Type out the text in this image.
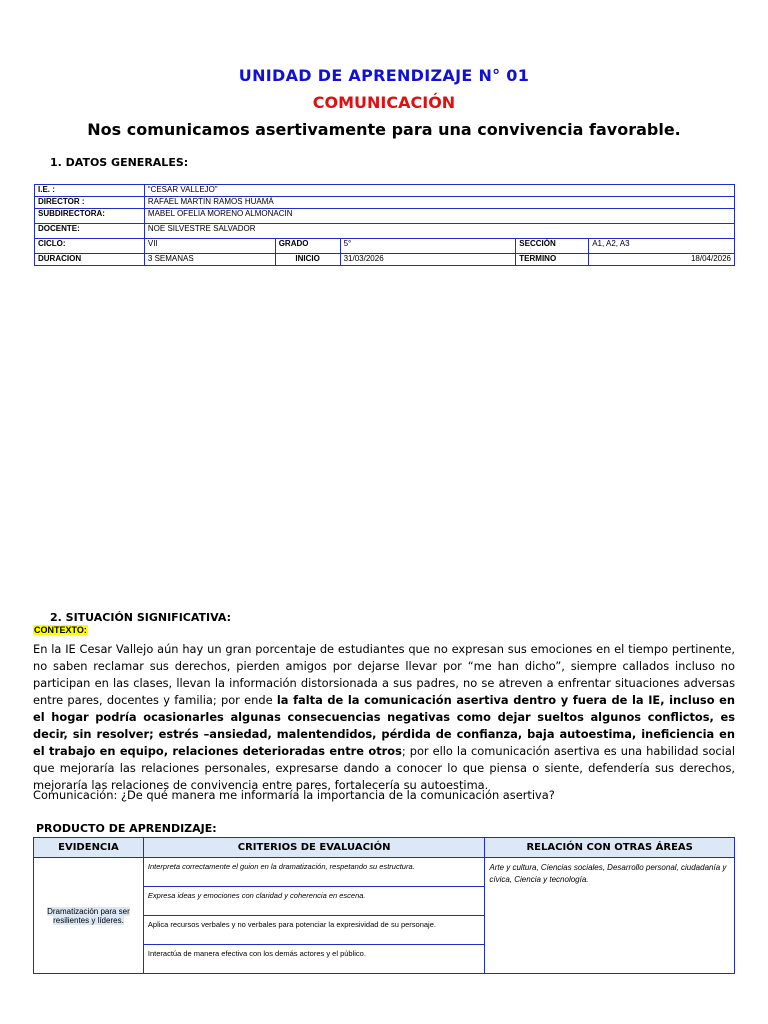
UNIDAD DE APRENDIZAJE N° 01
COMUNICACIÓN
Nos comunicamos asertivamente para una convivencia favorable.
1. DATOS GENERALES:
I.E. :	“CESAR VALLEJO”				
DIRECTOR :	RAFAEL MARTIN RAMOS HUAMÁ				
SUBDIRECTORA:	MABEL OFELIA MORENO ALMONACIN				
DOCENTE:	NOE SILVESTRE SALVADOR				
CICLO:	VII	GRADO	5°	SECCIÓN	A1, A2, A3
DURACION	3 SEMANAS	INICIO	31/03/2026	TERMINO	18/04/2026
2. SITUACIÓN SIGNIFICATIVA:
CONTEXTO:
En la IE Cesar Vallejo aún hay un gran porcentaje de estudiantes que no expresan sus emociones en el tiempo pertinente, no saben reclamar sus derechos, pierden amigos por dejarse llevar por “me han dicho”, siempre callados incluso no participan en las clases, llevan la información distorsionada a sus padres, no se atreven a enfrentar situaciones adversas entre pares, docentes y familia; por ende la falta de la comunicación asertiva dentro y fuera de la IE, incluso en el hogar podría ocasionarles algunas consecuencias negativas como dejar sueltos algunos conflictos, es decir, sin resolver; estrés –ansiedad, malentendidos, pérdida de confianza, baja autoestima, ineficiencia en el trabajo en equipo, relaciones deterioradas entre otros; por ello la comunicación asertiva es una habilidad social que mejoraría las relaciones personales, expresarse dando a conocer lo que piensa o siente, defendería sus derechos, mejoraría las relaciones de convivencia entre pares, fortalecería su autoestima.
Comunicación: ¿De qué manera me informaría la importancia de la comunicación asertiva?
PRODUCTO DE APRENDIZAJE:
EVIDENCIA	CRITERIOS DE EVALUACIÓN	RELACIÓN CON OTRAS ÁREAS
Dramatización para ser resilientes y líderes.	Interpreta correctamente el guion en la dramatización, respetando su estructura.	Arte y cultura, Ciencias sociales, Desarrollo personal, ciudadanía y cívica, Ciencia y tecnología.
	Expresa ideas y emociones con claridad y coherencia en escena.	
	Aplica recursos verbales y no verbales para potenciar la expresividad de su personaje.	
	Interactúa de manera efectiva con los demás actores y el público.	
